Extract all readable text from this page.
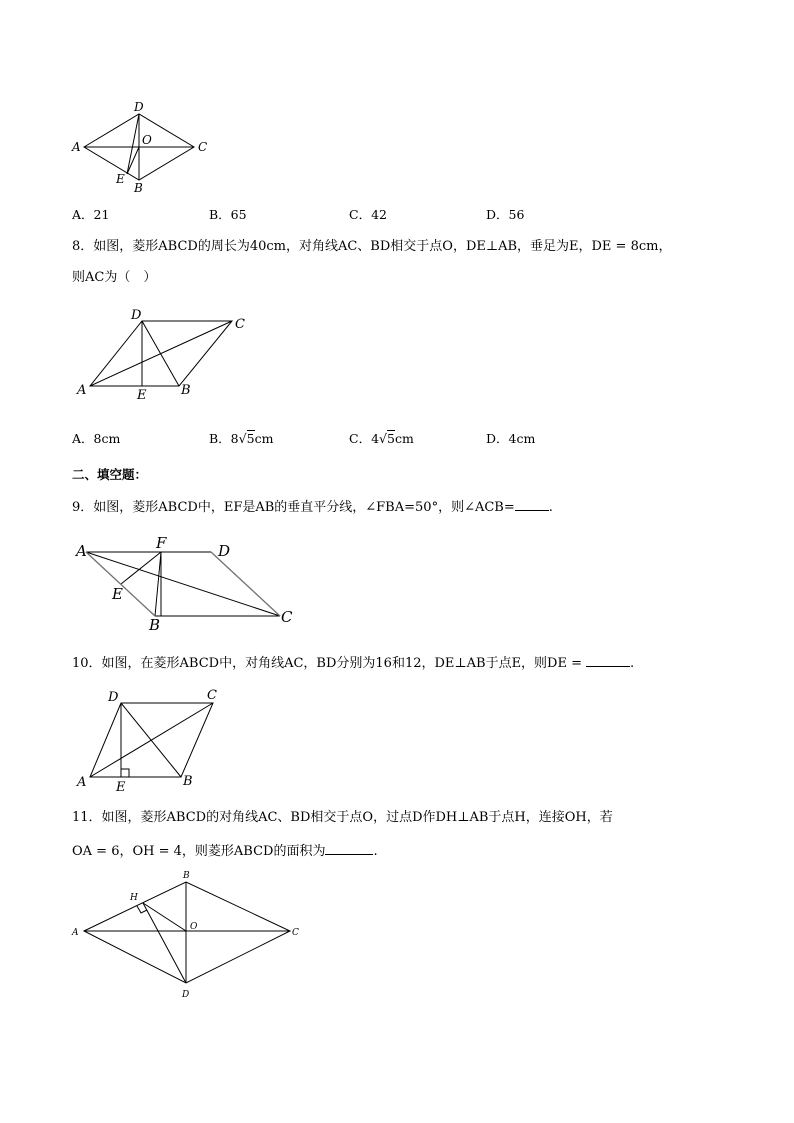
A
D
C
O
E
B
A．21	B．65	C．42	D．56
8．如图，菱形ABCD的周长为40cm，对角线AC、BD相交于点O，DE⊥AB，垂足为E，DE = 8cm，
则AC为（　）
D
C
A	E	B
A．8cm	B．8√5cm	C．4√5cm	D．4cm
二、填空题：
9．如图，菱形ABCD中，EF是AB的垂直平分线，∠FBA=50°，则∠ACB=	.
A	F	D
E
B	C
10．如图，在菱形ABCD中，对角线AC，BD分别为16和12，DE⊥AB于点E，则DE =	.
D	C
A E	B
11．如图，菱形ABCD的对角线AC、BD相交于点O，过点D作DH⊥AB于点H，连接OH，若
OA = 6，OH = 4，则菱形ABCD的面积为	.
B
H
A
O
C
D
